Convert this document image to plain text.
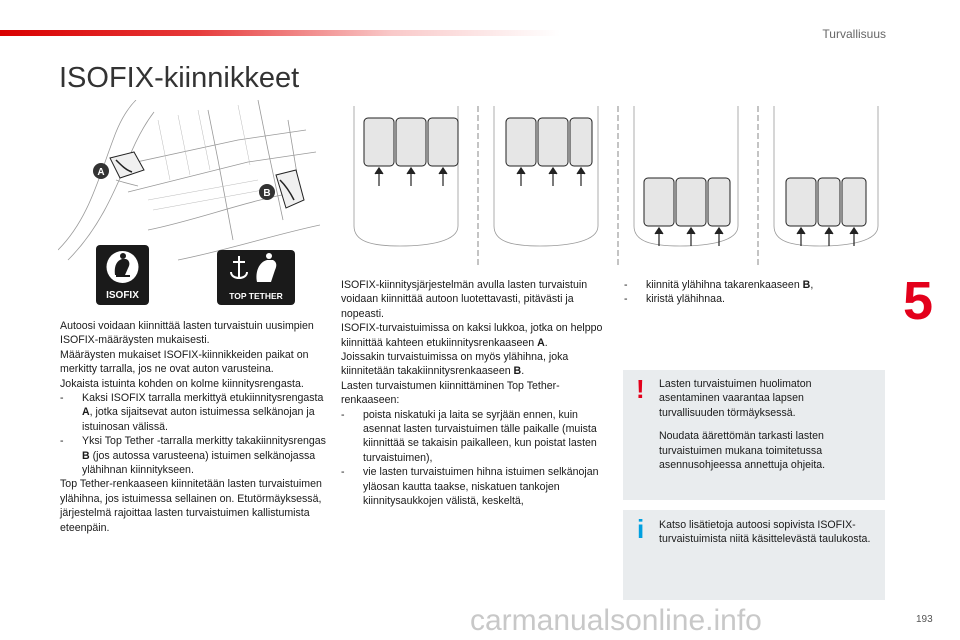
Turvallisuus
ISOFIX-kiinnikkeet
5
A
B
ISOFIX	TOP TETHER

Autoosi voidaan kiinnittää lasten turvaistuin uusimpien ISOFIX-määräysten mukaisesti.

Määräysten mukaiset ISOFIX-kiinnikkeiden paikat on merkitty tarralla, jos ne ovat auton varusteina.

Jokaista istuinta kohden on kolme kiinnitysrengasta.

-	Kaksi ISOFIX tarralla merkittyä etukiinnitysrengasta A, jotka sijaitsevat auton istuimessa selkänojan ja istuinosan välissä.
-	Yksi Top Tether -tarralla merkitty takakiinnitysrengas B (jos autossa varusteena) istuimen selkänojassa ylähihnan kiinnitykseen.

Top Tether-renkaaseen kiinnitetään lasten turvaistuimen ylähihna, jos istuimessa sellainen on. Etutörmäyksessä, järjestelmä rajoittaa lasten turvaistuimen kallistumista eteenpäin.

ISOFIX-kiinnitysjärjestelmän avulla lasten turvaistuin voidaan kiinnittää autoon luotettavasti, pitävästi ja nopeasti.

ISOFIX-turvaistuimissa on kaksi lukkoa, jotka on helppo kiinnittää kahteen etukiinnitysrenkaaseen A.

Joissakin turvaistuimissa on myös ylähihna, joka kiinnitetään takakiinnitysrenkaaseen B.

Lasten turvaistumen kiinnittäminen Top Tether-renkaaseen:

-	poista niskatuki ja laita se syrjään ennen, kuin asennat lasten turvaistuimen tälle paikalle (muista kiinnittää se takaisin paikalleen, kun poistat lasten turvaistuimen),
-	vie lasten turvaistuimen hihna istuimen selkänojan yläosan kautta taakse, niskatuen tankojen kiinnitysaukkojen välistä, keskeltä,
-	kiinnitä ylähihna takarenkaaseen B,
-	kiristä ylähihnaa.
! Lasten turvaistuimen huolimaton asentaminen vaarantaa lapsen turvallisuuden törmäyksessä.

Noudata äärettömän tarkasti lasten turvaistuimen mukana toimitetussa asennusohjeessa annettuja ohjeita.

i Katso lisätietoja autoosi sopivista ISOFIX-turvaistuimista niitä käsittelevästä taulukosta.

carmanualsonline.info	193
